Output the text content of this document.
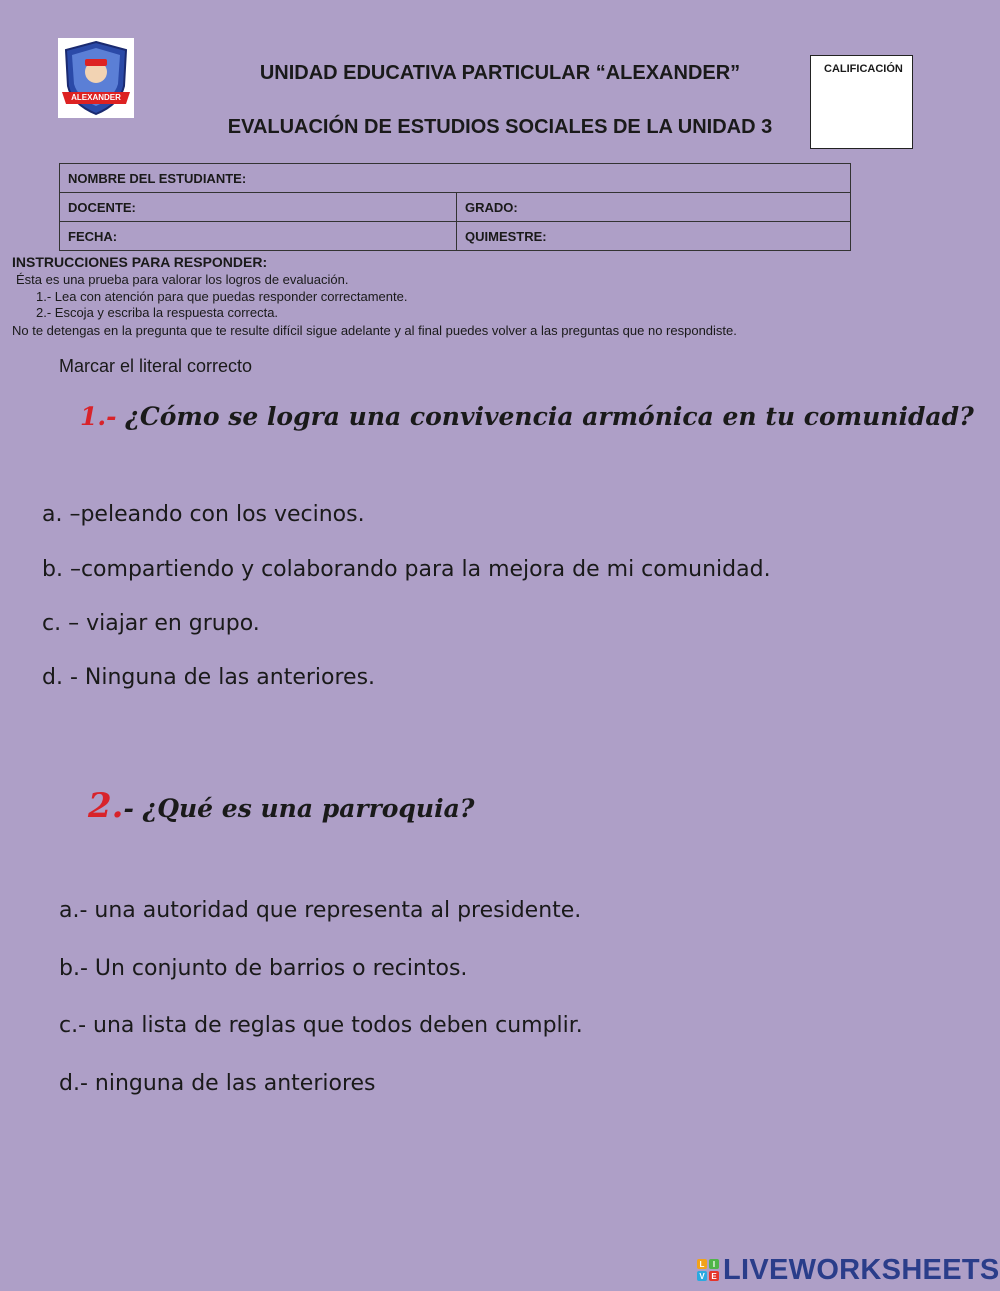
ALEXANDER
UNIDAD EDUCATIVA PARTICULAR “ALEXANDER”
EVALUACIÓN DE ESTUDIOS SOCIALES DE LA UNIDAD 3
CALIFICACIÓN
NOMBRE DEL ESTUDIANTE:	
DOCENTE:	GRADO:
FECHA:	QUIMESTRE:
INSTRUCCIONES PARA RESPONDER:
Ésta es una prueba para valorar los logros de evaluación.
1.- Lea con atención para que puedas responder correctamente.
2.- Escoja y escriba la respuesta correcta.
No te detengas en la pregunta que te resulte difícil sigue adelante y al final puedes volver a las preguntas que no respondiste.
Marcar el literal correcto
1.- ¿Cómo se logra una convivencia armónica en tu comunidad?
a. –peleando con los vecinos.
b. –compartiendo y colaborando para la mejora de mi comunidad.
c. – viajar en grupo.
d. - Ninguna de las anteriores.
2.- ¿Qué es una parroquia?
a.- una autoridad que representa al presidente.
b.- Un conjunto de barrios o recintos.
c.- una lista de reglas que todos deben cumplir.
d.- ninguna de las anteriores
L	I
V E LIVEWORKSHEETS
